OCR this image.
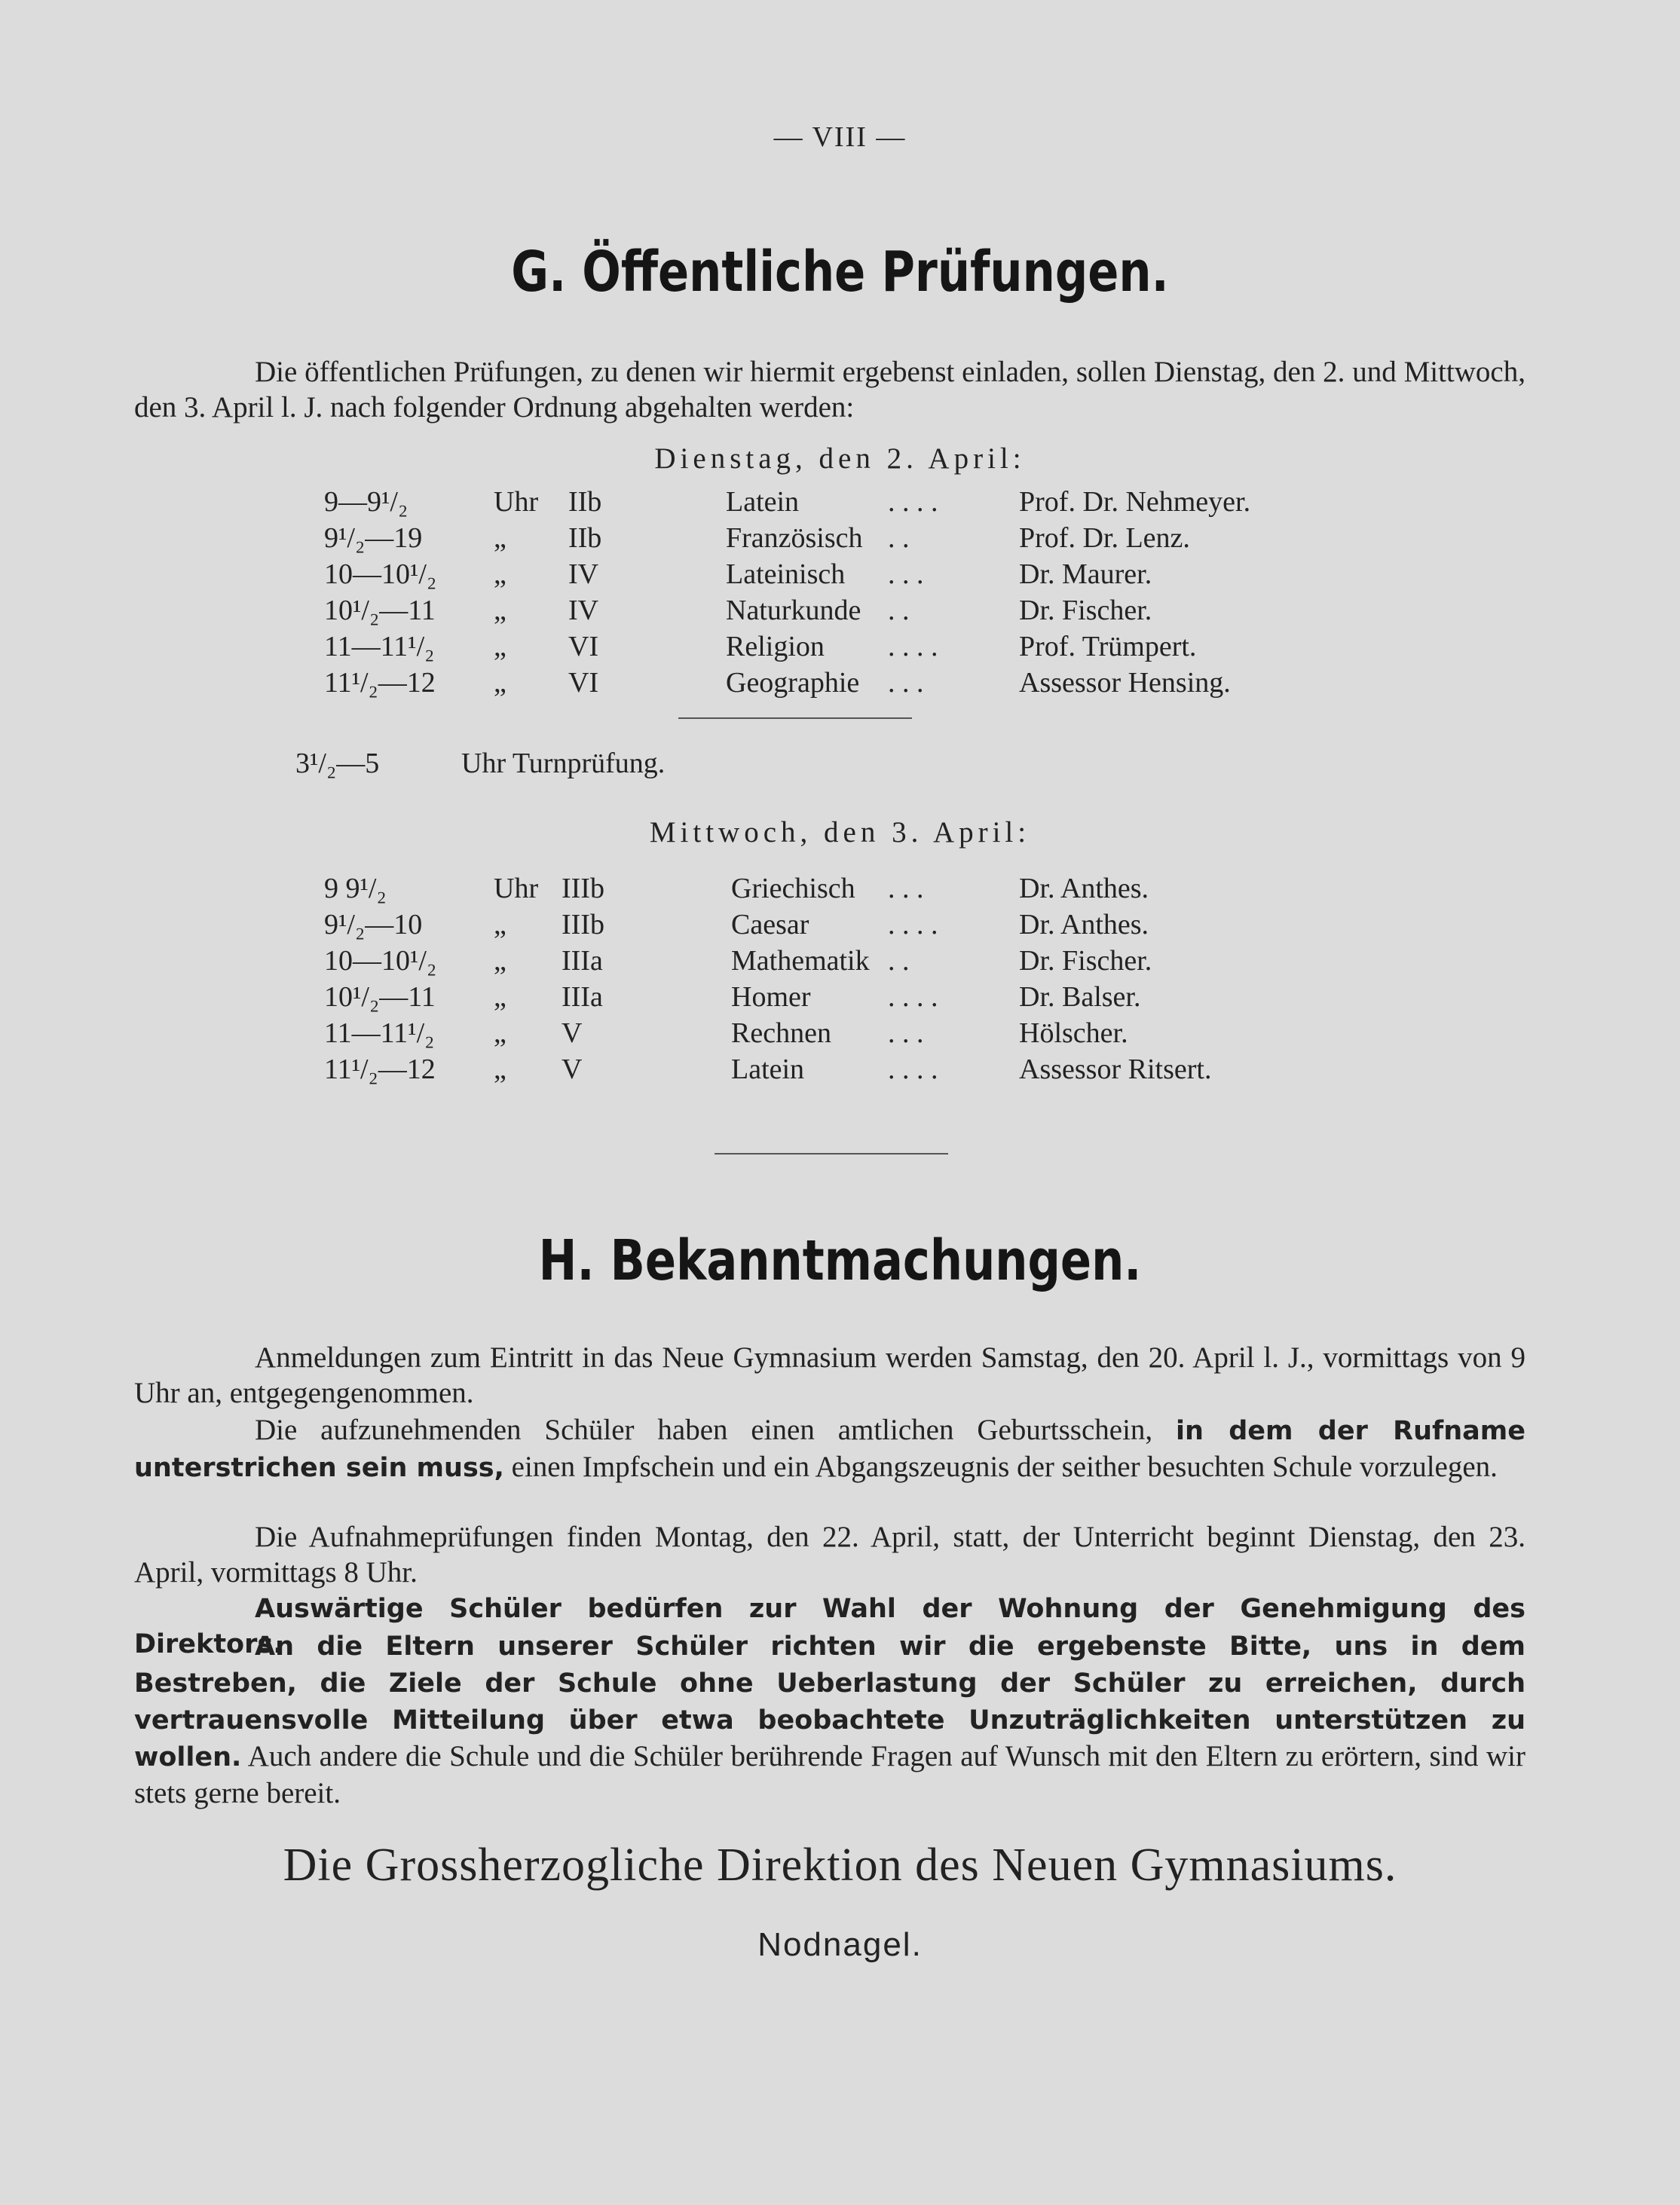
— VIII —
G. Öffentliche Prüfungen.
Die öffentlichen Prüfungen, zu denen wir hiermit ergebenst einladen, sollen Dienstag, den 2. und Mittwoch, den 3. April l. J. nach folgender Ordnung abgehalten werden:
Dienstag, den 2. April:
9—9¹/₂	Uhr IIb	Latein	. . . .	Prof. Dr. Nehmeyer.
9¹/₂—19 „ IIb	Französisch . .	Prof. Dr. Lenz.
10—10¹/₂ „ IV	Lateinisch . . .	Dr. Maurer.
10¹/₂—11 „ IV	Naturkunde . .	Dr. Fischer.
11—11¹/₂ „ VI	Religion . . . .	Prof. Trümpert.
11¹/₂—12 „ VI	Geographie . . .	Assessor Hensing.
3¹/₂—5	Uhr Turnprüfung.
Mittwoch, den 3. April:
9 9¹/₂	Uhr IIIb	Griechisch . . .	Dr. Anthes.
9¹/₂—10 „ IIIb	Caesar	. . . .	Dr. Anthes.
10—10¹/₂ „ IIIa	Mathematik . .	Dr. Fischer.
10¹/₂—11 „ IIIa	Homer	. . . .	Dr. Balser.
11—11¹/₂ „ V	Rechnen . . .	Hölscher.
11¹/₂—12 „ V	Latein	. . . .	Assessor Ritsert.
H. Bekanntmachungen.
Anmeldungen zum Eintritt in das Neue Gymnasium werden Samstag, den 20. April l. J., vormittags von 9 Uhr an, entgegengenommen.
Die aufzunehmenden Schüler haben einen amtlichen Geburtsschein, in dem der Rufname unterstrichen sein muss, einen Impfschein und ein Abgangszeugnis der seither besuchten Schule vorzulegen.
Die Aufnahmeprüfungen finden Montag, den 22. April, statt, der Unterricht beginnt Dienstag, den 23. April, vormittags 8 Uhr.
Auswärtige Schüler bedürfen zur Wahl der Wohnung der Genehmigung des Direktors.
An die Eltern unserer Schüler richten wir die ergebenste Bitte, uns in dem Bestreben, die Ziele der Schule ohne Ueberlastung der Schüler zu erreichen, durch vertrauensvolle Mitteilung über etwa beobachtete Unzuträglichkeiten unterstützen zu wollen. Auch andere die Schule und die Schüler berührende Fragen auf Wunsch mit den Eltern zu erörtern, sind wir stets gerne bereit.
Die Grossherzogliche Direktion des Neuen Gymnasiums.
Nodnagel.
